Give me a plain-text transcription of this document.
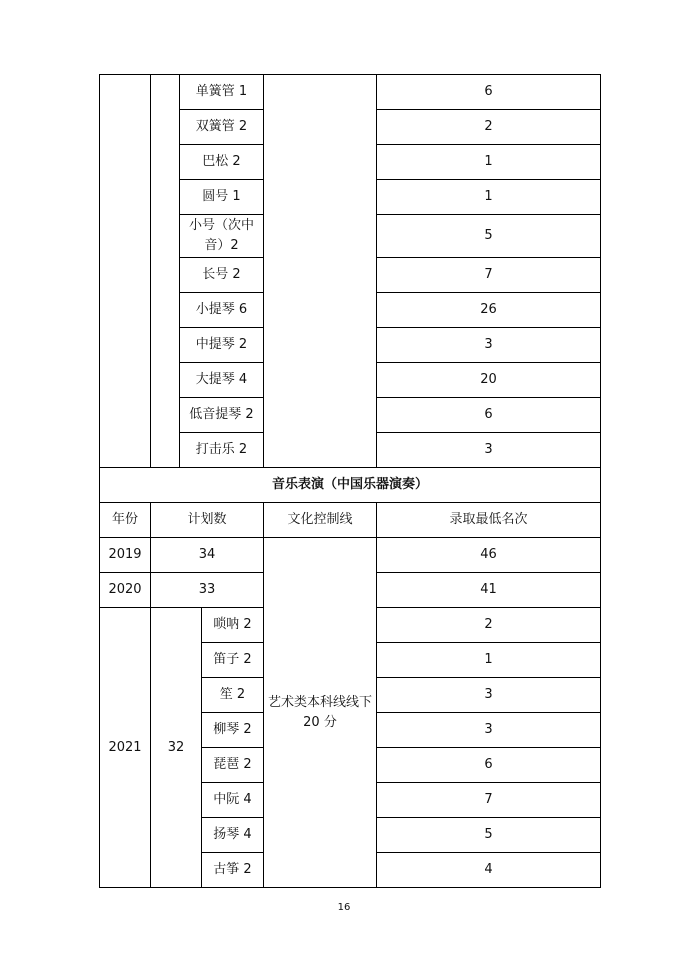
		单簧管 1			6
		双簧管 2			2
		巴松 2			1
		圆号 1			1
		小号（次中音）2			5
		长号 2			7
		小提琴 6			26
		中提琴 2			3
		大提琴 4			20
		低音提琴 2			6
		打击乐 2			3
音乐表演（中国乐器演奏）					
年份	计划数			文化控制线	录取最低名次
2019	34			艺术类本科线线下 20 分	46
2020	33				41
2021	32		唢呐 2		2
			笛子 2		1
			笙 2		3
			柳琴 2		3
			琵琶 2		6
			中阮 4		7
			扬琴 4		5
			古筝 2		4
16
